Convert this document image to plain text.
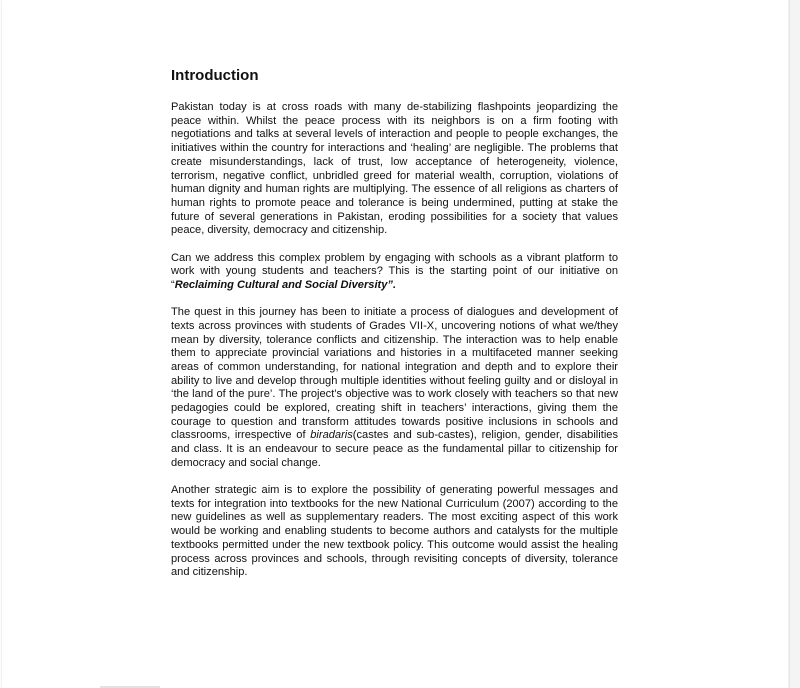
Introduction

Pakistan today is at cross roads with many de-stabilizing flashpoints jeopardizing the peace within. Whilst the peace process with its neighbors is on a firm footing with negotiations and talks at several levels of interaction and people to people exchanges, the initiatives within the country for interactions and ‘healing’ are negligible. The problems that create misunderstandings, lack of trust, low acceptance of heterogeneity, violence, terrorism, negative conflict, unbridled greed for material wealth, corruption, violations of human dignity and human rights are multiplying. The essence of all religions as charters of human rights to promote peace and tolerance is being undermined, putting at stake the future of several generations in Pakistan, eroding possibilities for a society that values peace, diversity, democracy and citizenship.

Can we address this complex problem by engaging with schools as a vibrant platform to work with young students and teachers? This is the starting point of our initiative on “Reclaiming Cultural and Social Diversity”.

The quest in this journey has been to initiate a process of dialogues and development of texts across provinces with students of Grades VII-X, uncovering notions of what we/they mean by diversity, tolerance conflicts and citizenship. The interaction was to help enable them to appreciate provincial variations and histories in a multifaceted manner seeking areas of common understanding, for national integration and depth and to explore their ability to live and develop through multiple identities without feeling guilty and or disloyal in ‘the land of the pure’. The project’s objective was to work closely with teachers so that new pedagogies could be explored, creating shift in teachers’ interactions, giving them the courage to question and transform attitudes towards positive inclusions in schools and classrooms, irrespective of biradaris(castes and sub-castes), religion, gender, disabilities and class. It is an endeavour to secure peace as the fundamental pillar to citizenship for democracy and social change.

Another strategic aim is to explore the possibility of generating powerful messages and texts for integration into textbooks for the new National Curriculum (2007) according to the new guidelines as well as supplementary readers. The most exciting aspect of this work would be working and enabling students to become authors and catalysts for the multiple textbooks permitted under the new textbook policy. This outcome would assist the healing process across provinces and schools, through revisiting concepts of diversity, tolerance and citizenship.
